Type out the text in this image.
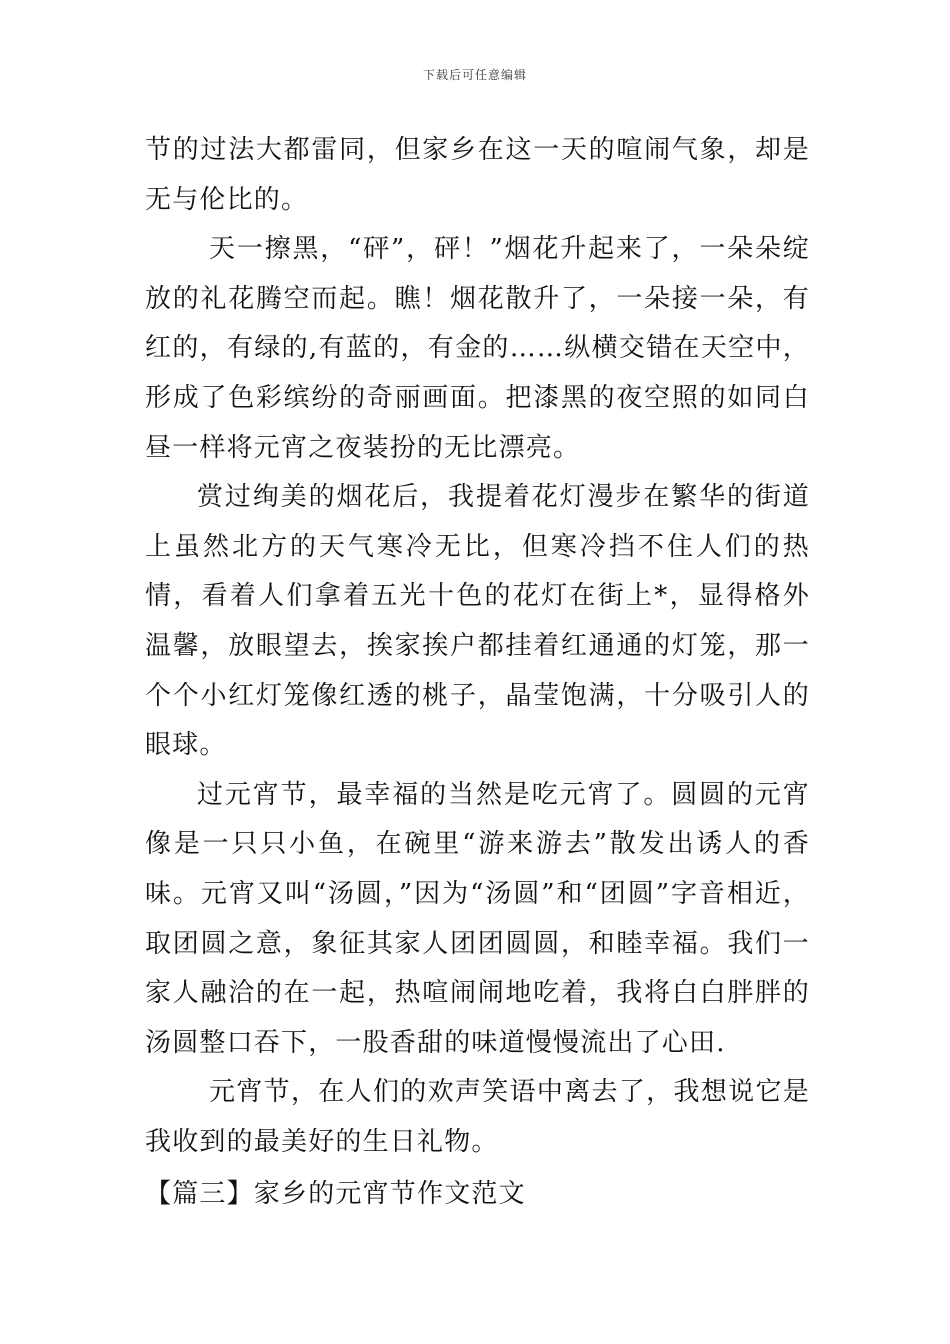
下载后可任意编辑

节的过法大都雷同，但家乡在这一天的喧闹气象，却是无与伦比的。

天一擦黑，“砰”，砰！”烟花升起来了，一朵朵绽放的礼花腾空而起。瞧！烟花散升了，一朵接一朵，有红的，有绿的,有蓝的，有金的……纵横交错在天空中，形成了色彩缤纷的奇丽画面。把漆黑的夜空照的如同白昼一样将元宵之夜装扮的无比漂亮。

赏过绚美的烟花后，我提着花灯漫步在繁华的街道上虽然北方的天气寒冷无比，但寒冷挡不住人们的热情，看着人们拿着五光十色的花灯在街上*，显得格外温馨，放眼望去，挨家挨户都挂着红通通的灯笼，那一个个小红灯笼像红透的桃子，晶莹饱满，十分吸引人的眼球。

过元宵节，最幸福的当然是吃元宵了。圆圆的元宵像是一只只小鱼，在碗里“游来游去”散发出诱人的香味。元宵又叫“汤圆，”因为“汤圆”和“团圆”字音相近，取团圆之意，象征其家人团团圆圆，和睦幸福。我们一家人融洽的在一起，热喧闹闹地吃着，我将白白胖胖的汤圆整口吞下，一股香甜的味道慢慢流出了心田.

元宵节，在人们的欢声笑语中离去了，我想说它是我收到的最美好的生日礼物。

【篇三】家乡的元宵节作文范文
